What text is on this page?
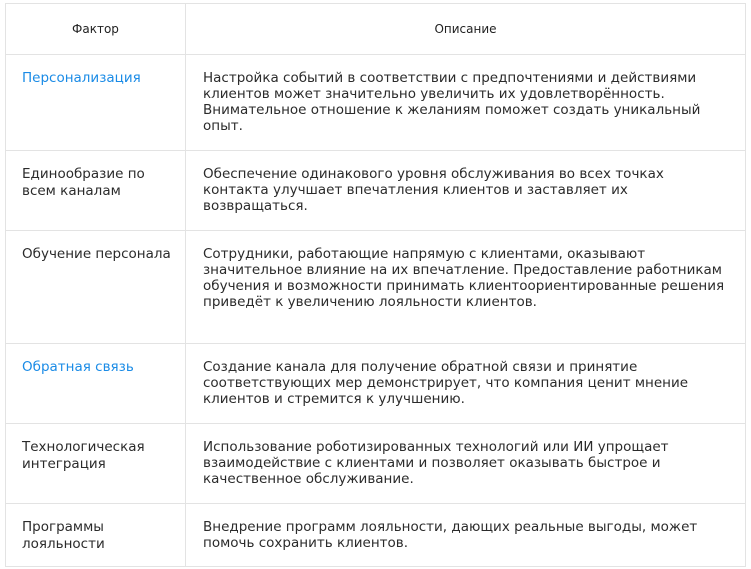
Фактор	Описание
Персонализация	Настройка событий в соответствии с предпочтениями и действиями клиентов может значительно увеличить их удовлетворённость. Внимательное отношение к желаниям поможет создать уникальный опыт.
Единообразие по всем каналам	Обеспечение одинакового уровня обслуживания во всех точках контакта улучшает впечатления клиентов и заставляет их возвращаться.
Обучение персонала	Сотрудники, работающие напрямую с клиентами, оказывают значительное влияние на их впечатление. Предоставление работникам обучения и возможности принимать клиентоориентированные решения приведёт к увеличению лояльности клиентов.
Обратная связь	Создание канала для получение обратной связи и принятие соответствующих мер демонстрирует, что компания ценит мнение клиентов и стремится к улучшению.
Технологическая интеграция	Использование роботизированных технологий или ИИ упрощает взаимодействие с клиентами и позволяет оказывать быстрое и качественное обслуживание.
Программы лояльности	Внедрение программ лояльности, дающих реальные выгоды, может помочь сохранить клиентов.
